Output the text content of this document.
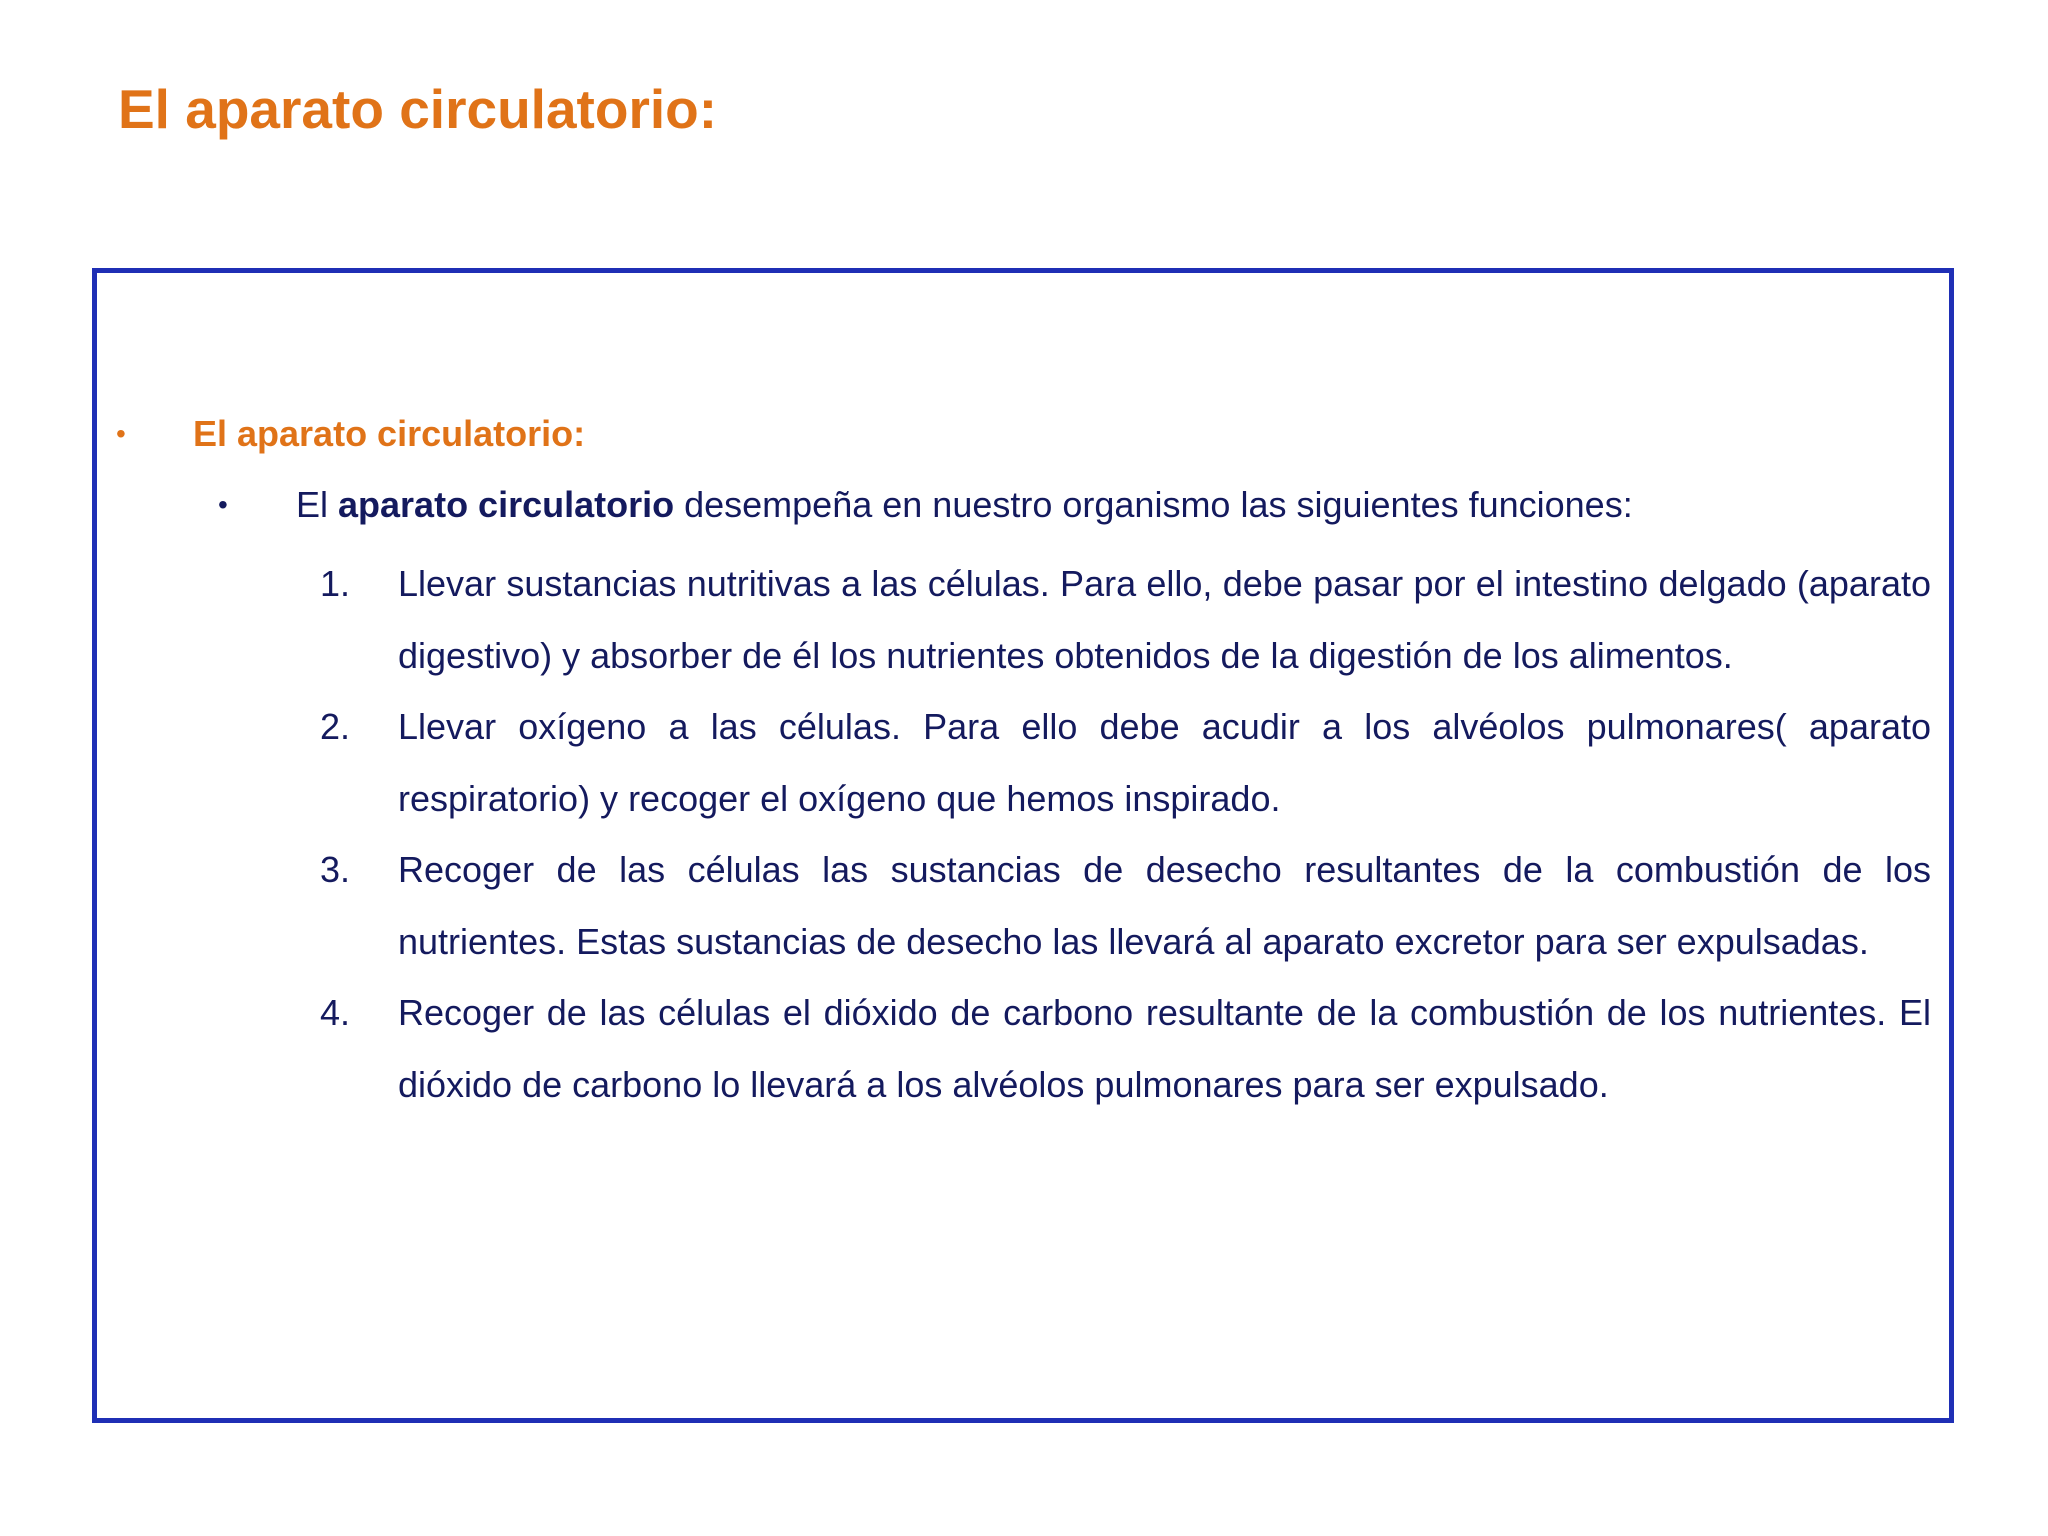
El aparato circulatorio:
• El aparato circulatorio:
• El aparato circulatorio desempeña en nuestro organismo las siguientes funciones:
1. Llevar sustancias nutritivas a las células. Para ello, debe pasar por el intestino delgado (aparato digestivo) y absorber de él los nutrientes obtenidos de la digestión de los alimentos.
2. Llevar oxígeno a las células. Para ello debe acudir a los alvéolos pulmonares( aparato respiratorio) y recoger el oxígeno que hemos inspirado.
3. Recoger de las células las sustancias de desecho resultantes de la combustión de los nutrientes. Estas sustancias de desecho las llevará al aparato excretor para ser expulsadas.
4. Recoger de las células el dióxido de carbono resultante de la combustión de los nutrientes. El dióxido de carbono lo llevará a los alvéolos pulmonares para ser expulsado.
